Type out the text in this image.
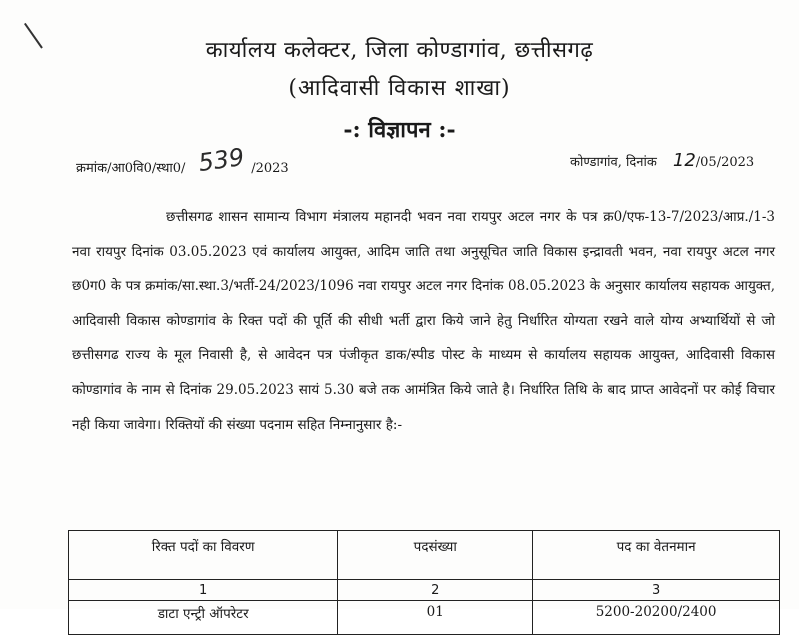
कार्यालय कलेक्टर, जिला कोण्डागांव, छत्तीसगढ़
(आदिवासी विकास शाखा)
-: विज्ञापन :-
क्रमांक/आ0वि0/स्था0/ 539 /2023	कोण्डागांव, दिनांक 12/05/2023

छत्तीसगढ शासन सामान्य विभाग मंत्रालय महानदी भवन नवा रायपुर अटल नगर के पत्र क्र0/एफ-13-7/2023/आप्र./1-3 नवा रायपुर दिनांक 03.05.2023 एवं कार्यालय आयुक्त, आदिम जाति तथा अनुसूचित जाति विकास इन्द्रावती भवन, नवा रायपुर अटल नगर छ0ग0 के पत्र क्रमांक/सा.स्था.3/भर्ती-24/2023/1096 नवा रायपुर अटल नगर दिनांक 08.05.2023 के अनुसार कार्यालय सहायक आयुक्त, आदिवासी विकास कोण्डागांव के रिक्त पदों की पूर्ति की सीधी भर्ती द्वारा किये जाने हेतु निर्धारित योग्यता रखने वाले योग्य अभ्यार्थियों से जो छत्तीसगढ राज्य के मूल निवासी है, से आवेदन पत्र पंजीकृत डाक/स्पीड पोस्ट के माध्यम से कार्यालय सहायक आयुक्त, आदिवासी विकास कोण्डागांव के नाम से दिनांक 29.05.2023 सायं 5.30 बजे तक आमंत्रित किये जाते है। निर्धारित तिथि के बाद प्राप्त आवेदनों पर कोई विचार नही किया जावेगा। रिक्तियों की संख्या पदनाम सहित निम्नानुसार है:-

रिक्त पदों का विवरण	पदसंख्या	पद का वेतनमान
1	2	3
डाटा एन्ट्री ऑपरेटर	01	5200-20200/2400
